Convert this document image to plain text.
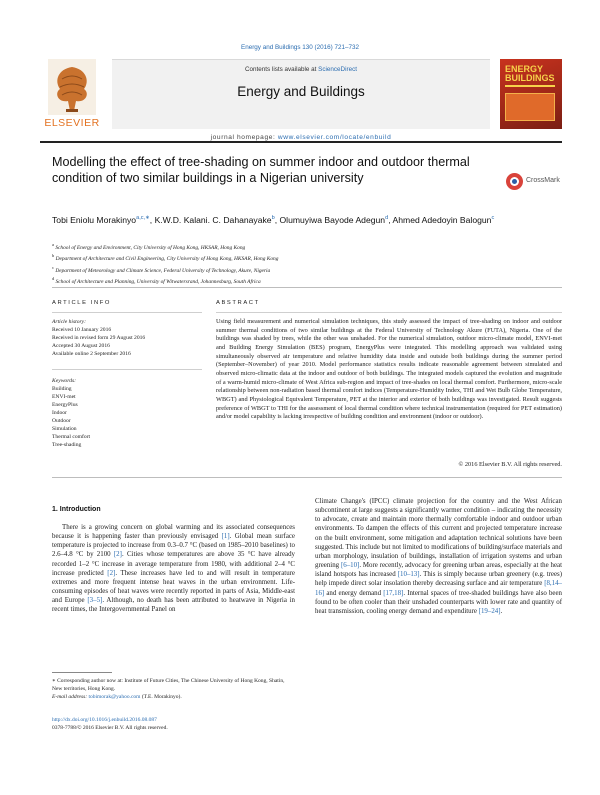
Energy and Buildings 130 (2016) 721–732
ELSEVIER
Contents lists available at ScienceDirect
Energy and Buildings
journal homepage: www.elsevier.com/locate/enbuild
ENERGY BUILDINGS
Modelling the effect of tree-shading on summer indoor and outdoor thermal condition of two similar buildings in a Nigerian university	CrossMark
Tobi Eniolu Morakinyo$^{a,c,∗}$, K.W.D. Kalani. C. Dahanayake$^b$, Olumuyiwa Bayode Adegun$^d$, Ahmed Adedoyin Balogun$^c$
$^a$ School of Energy and Environment, City University of Hong Kong, HKSAR, Hong Kong
$^b$ Department of Architecture and Civil Engineering, City University of Hong Kong, HKSAR, Hong Kong
$^c$ Department of Meteorology and Climate Science, Federal University of Technology, Akure, Nigeria
$^d$ School of Architecture and Planning, University of Witwatersrand, Johannesburg, South Africa
ARTICLE INFO	ABSTRACT
Article history:
Received 10 January 2016
Received in revised form 29 August 2016
Accepted 30 August 2016
Available online 2 September 2016
Keywords:
Building
ENVI-met
EnergyPlus
Indoor
Outdoor
Simulation
Thermal comfort
Tree-shading
Using field measurement and numerical simulation techniques, this study assessed the impact of tree-shading on indoor and outdoor summer thermal conditions of two similar buildings at the Federal University of Technology Akure (FUTA), Nigeria. One of the buildings was shaded by trees, while the other was unshaded. For the numerical simulation, outdoor micro-climate model, ENVI-met and Building Energy Simulation (BES) program, EnergyPlus were integrated. This modelling approach was validated using simultaneously observed air temperature and relative humidity data inside and outside both buildings during the summer period (September–November) of year 2010. Model performance statistics results indicate reasonable agreement between simulated and observed micro-climatic data at the indoor and outdoor of both buildings. The integrated models captured the evolution and magnitude of a warm-humid micro-climate of West Africa sub-region and impact of tree-shades on local thermal comfort. Furthermore, micro-scale relationship between non-radiation based thermal comfort indices (Temperature-Humidity Index, THI and Wet Bulb Globe Temperature, WBGT) and Physiological Equivalent Temperature, PET at the interior and exterior of both buildings was investigated. Result suggests preference of WBGT to THI for the assessment of local thermal condition where technical instrumentation (required for PET estimation) and/or model capability is lacking irrespective of building condition and environment (indoor or outdoor).
© 2016 Elsevier B.V. All rights reserved.
1. Introduction
There is a growing concern on global warming and its associated consequences because it is happening faster than previously envisaged [1]. Global mean surface temperature is projected to increase from 0.3–0.7 °C (based on 1985–2010 baselines) to 2.6–4.8 °C by 2100 [2]. Cities whose temperatures are above 35 °C have already recorded 1–2 °C increase in average temperature from 1980, with additional 2–4 °C increase predicted [2]. These increases have led to and will result in temperature extremes and more frequent intense heat waves in the urban environment. Life-consuming episodes of heat waves were recently reported in parts of Asia, Middle-east and Europe [3–5]. Although, no death has been attributed to heatwave in Nigeria in recent times, the Intergovernmental Panel on
Climate Change's (IPCC) climate projection for the country and the West African subcontinent at large suggests a significantly warmer condition – indicating the necessity to advocate, create and maintain more thermally comfortable indoor and outdoor urban environments. To dampen the effects of this current and projected temperature increase on the built environment, some mitigation and adaptation technical solutions have been suggested. This include but not limited to modifications of building/surface materials and urban morphology, insulation of buildings, installation of irrigation systems and urban greening [6–10]. More recently, advocacy for greening urban areas, especially at the heat island hotspots has increased [10–13]. This is simply because urban greenery (e.g. trees) help impede direct solar insolation thereby decreasing surface and air temperature [8,14–16] and energy demand [17,18]. Internal spaces of tree-shaded buildings have also been found to be often cooler than their unshaded counterparts with lower rate and quantity of heat transmission, cooling energy demand and expenditure [19–24].
∗ Corresponding author now at: Institute of Future Cities, The Chinese University of Hong Kong, Shatin, New territories, Hong Kong.
E-mail address: tobimorak@yahoo.com (T.E. Morakinyo).
http://dx.doi.org/10.1016/j.enbuild.2016.08.087
0378-7788/© 2016 Elsevier B.V. All rights reserved.
